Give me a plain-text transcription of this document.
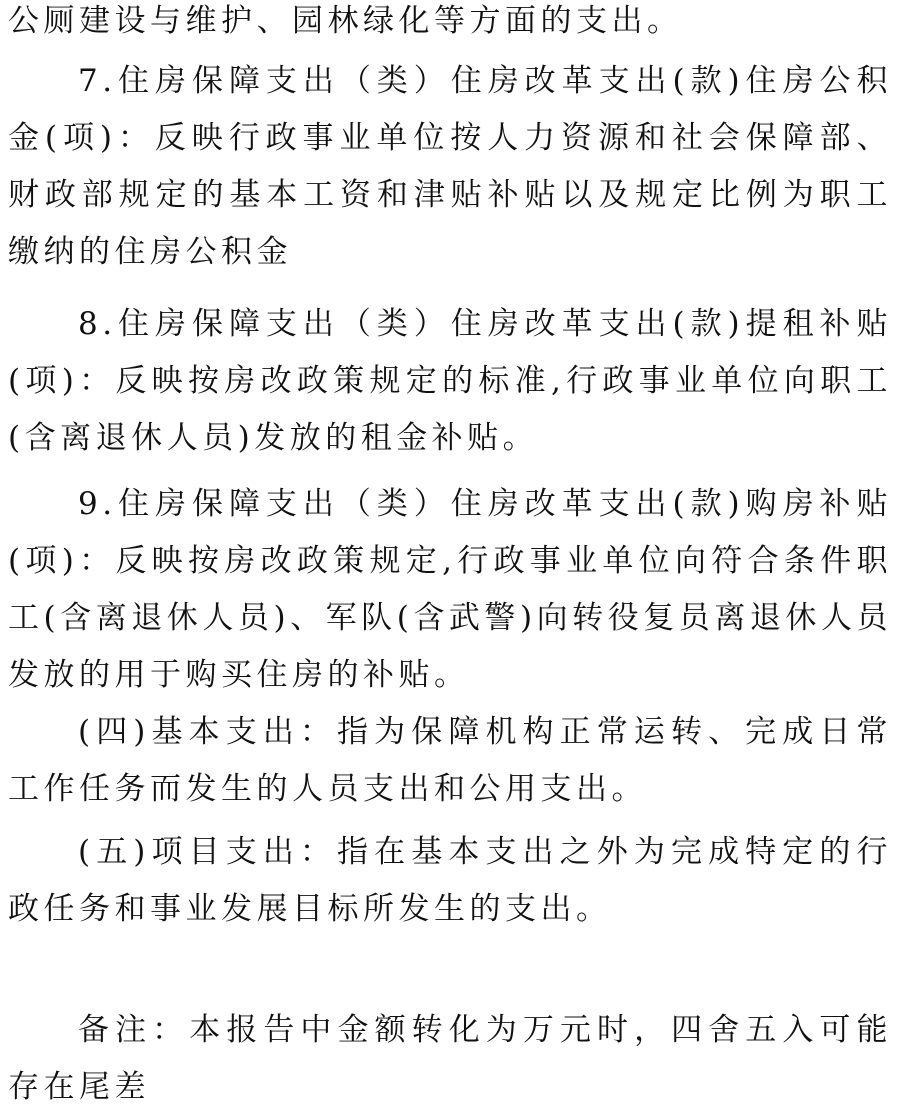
公厕建设与维护、园林绿化等方面的支出。

7.住房保障支出（类）住房改革支出(款)住房公积金(项)：反映行政事业单位按人力资源和社会保障部、财政部规定的基本工资和津贴补贴以及规定比例为职工缴纳的住房公积金

8.住房保障支出（类）住房改革支出(款)提租补贴(项)：反映按房改政策规定的标准,行政事业单位向职工(含离退休人员)发放的租金补贴。

9.住房保障支出（类）住房改革支出(款)购房补贴(项)：反映按房改政策规定,行政事业单位向符合条件职工(含离退休人员)、军队(含武警)向转役复员离退休人员发放的用于购买住房的补贴。

(四)基本支出：指为保障机构正常运转、完成日常工作任务而发生的人员支出和公用支出。

(五)项目支出：指在基本支出之外为完成特定的行政任务和事业发展目标所发生的支出。

备注：本报告中金额转化为万元时，四舍五入可能存在尾差
